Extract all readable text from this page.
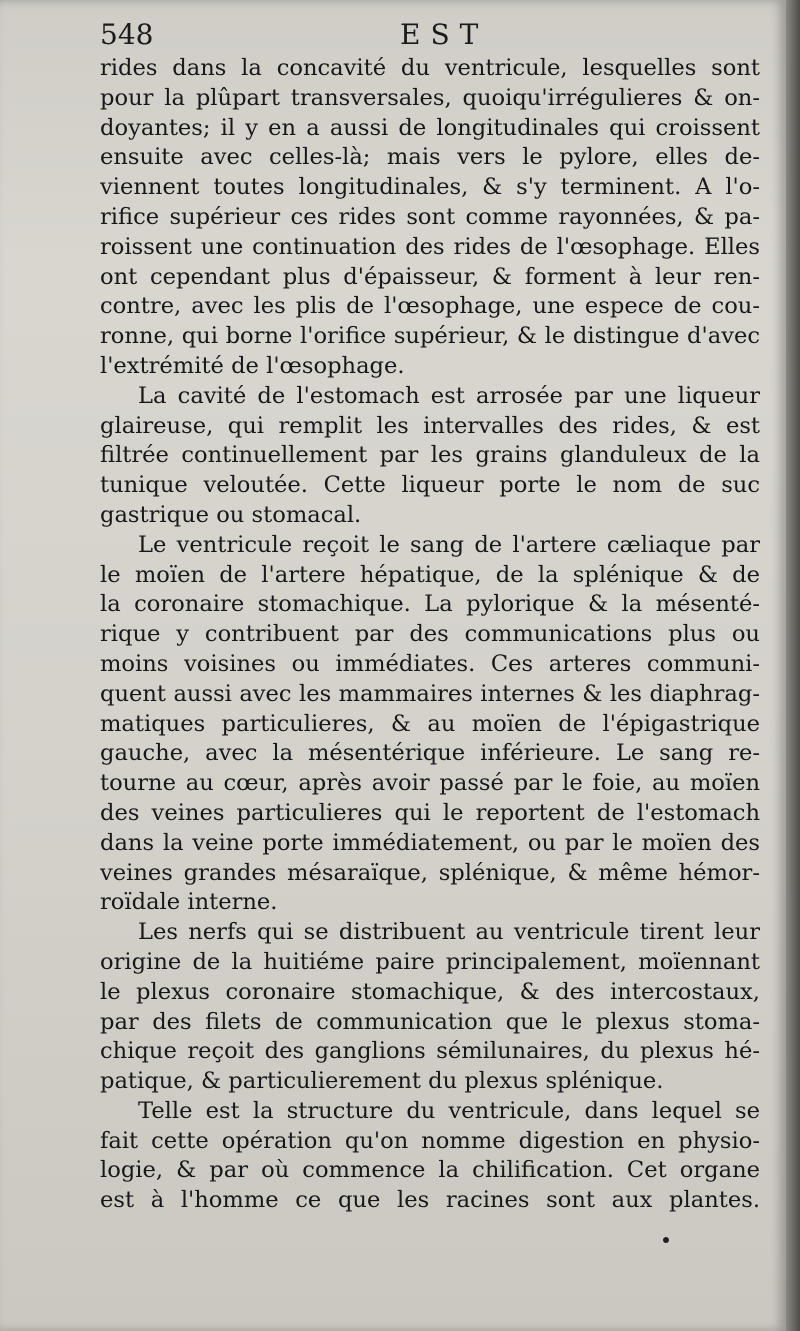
548	EST
rides dans la concavité du ventricule, lesquelles sont
pour la plûpart transversales, quoiqu'irrégulieres & on-
doyantes; il y en a aussi de longitudinales qui croissent
ensuite avec celles-là; mais vers le pylore, elles de-
viennent toutes longitudinales, & s'y terminent. A l'o-
rifice supérieur ces rides sont comme rayonnées, & pa-
roissent une continuation des rides de l'œsophage. Elles
ont cependant plus d'épaisseur, & forment à leur ren-
contre, avec les plis de l'œsophage, une espece de cou-
ronne, qui borne l'orifice supérieur, & le distingue d'avec
l'extrémité de l'œsophage.
La cavité de l'estomach est arrosée par une liqueur
glaireuse, qui remplit les intervalles des rides, & est
filtrée continuellement par les grains glanduleux de la
tunique veloutée. Cette liqueur porte le nom de suc
gastrique ou stomacal.
Le ventricule reçoit le sang de l'artere cæliaque par
le moïen de l'artere hépatique, de la splénique & de
la coronaire stomachique. La pylorique & la mésenté-
rique y contribuent par des communications plus ou
moins voisines ou immédiates. Ces arteres communi-
quent aussi avec les mammaires internes & les diaphrag-
matiques particulieres, & au moïen de l'épigastrique
gauche, avec la mésentérique inférieure. Le sang re-
tourne au cœur, après avoir passé par le foie, au moïen
des veines particulieres qui le reportent de l'estomach
dans la veine porte immédiatement, ou par le moïen des
veines grandes mésaraïque, splénique, & même hémor-
roïdale interne.
Les nerfs qui se distribuent au ventricule tirent leur
origine de la huitiéme paire principalement, moïennant
le plexus coronaire stomachique, & des intercostaux,
par des filets de communication que le plexus stoma-
chique reçoit des ganglions sémilunaires, du plexus hé-
patique, & particulierement du plexus splénique.
Telle est la structure du ventricule, dans lequel se
fait cette opération qu'on nomme digestion en physio-
logie, & par où commence la chilification. Cet organe
est à l'homme ce que les racines sont aux plantes.
